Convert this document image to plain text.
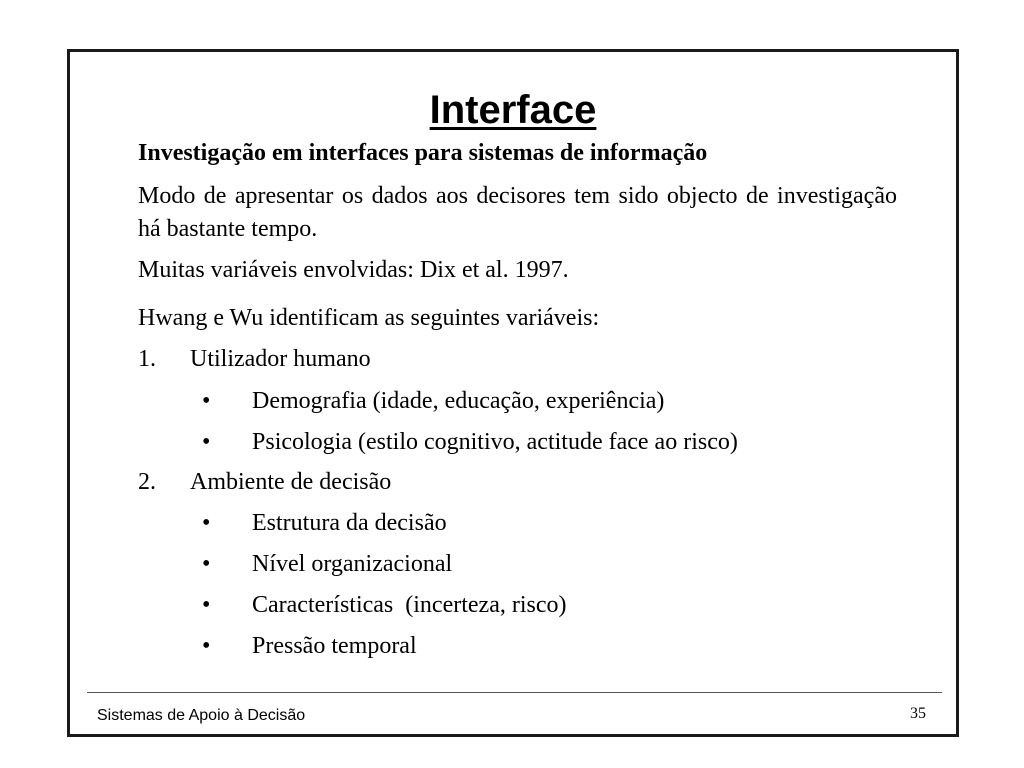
Interface
Investigação em interfaces para sistemas de informação
Modo de apresentar os dados aos decisores tem sido objecto de investigação há bastante tempo.
Muitas variáveis envolvidas: Dix et al. 1997.
Hwang e Wu identificam as seguintes variáveis:
1. Utilizador humano
• Demografia (idade, educação, experiência)
• Psicologia (estilo cognitivo, actitude face ao risco)
2. Ambiente de decisão
• Estrutura da decisão
• Nível organizacional
• Características  (incerteza, risco)
• Pressão temporal
Sistemas de Apoio à Decisão	35
